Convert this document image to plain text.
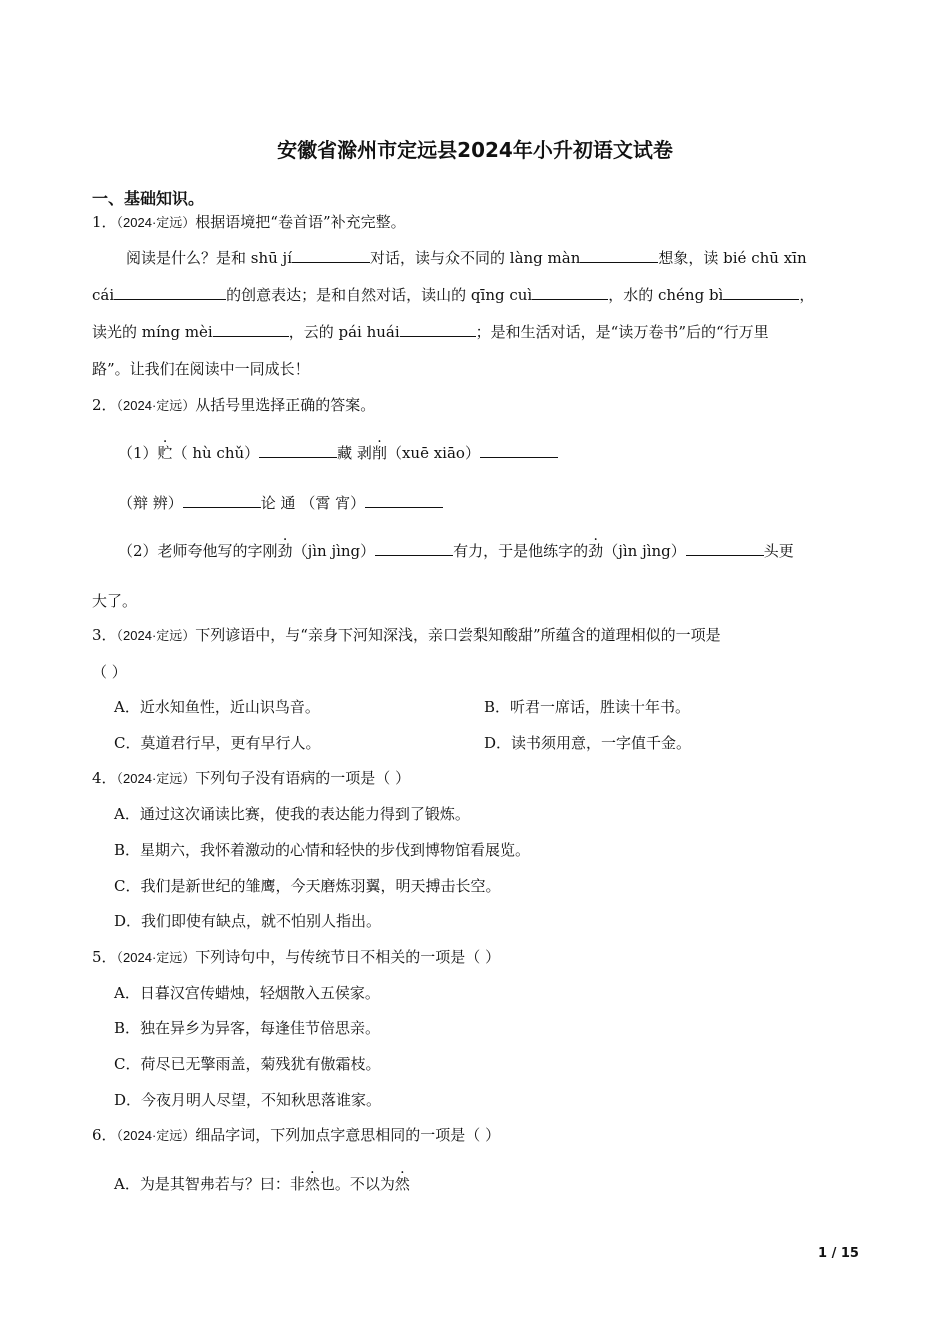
安徽省滁州市定远县2024年小升初语文试卷
一、基础知识。
1．（2024·定远）根据语境把“卷首语”补充完整。
阅读是什么？是和 shū jí	对话，读与众不同的 làng màn	想象，读 bié chū xīn
cái	的创意表达；是和自然对话，读山的 qīng cuì	，水的 chéng bì	，
读光的 míng mèi	，云的 pái huái	；是和生活对话，是“读万卷书”后的“行万里
路”。让我们在阅读中一同成长！
2．（2024·定远）从括号里选择正确的答案。
（1）贮（ hù chǔ）	藏 剥削（xuē xiāo）
（辩 辨）	论 通 （霄 宵）
（2）老师夸他写的字刚劲（jìn jìng）	有力，于是他练字的劲（jìn jìng）	头更
大了。
3．（2024·定远）下列谚语中，与“亲身下河知深浅，亲口尝梨知酸甜”所蕴含的道理相似的一项是
（ ）
A．近水知鱼性，近山识鸟音。	B．听君一席话，胜读十年书。
C．莫道君行早，更有早行人。	D．读书须用意，一字值千金。
4．（2024·定远）下列句子没有语病的一项是（ ）
A．通过这次诵读比赛，使我的表达能力得到了锻炼。
B．星期六，我怀着激动的心情和轻快的步伐到博物馆看展览。
C．我们是新世纪的雏鹰，今天磨炼羽翼，明天搏击长空。
D．我们即使有缺点，就不怕别人指出。
5．（2024·定远）下列诗句中，与传统节日不相关的一项是（ ）
A．日暮汉宫传蜡烛，轻烟散入五侯家。
B．独在异乡为异客，每逢佳节倍思亲。
C．荷尽已无擎雨盖，菊残犹有傲霜枝。
D．今夜月明人尽望，不知秋思落谁家。
6．（2024·定远）细品字词，下列加点字意思相同的一项是（ ）
A．为是其智弗若与？曰：非然也。不以为然
1 / 15
